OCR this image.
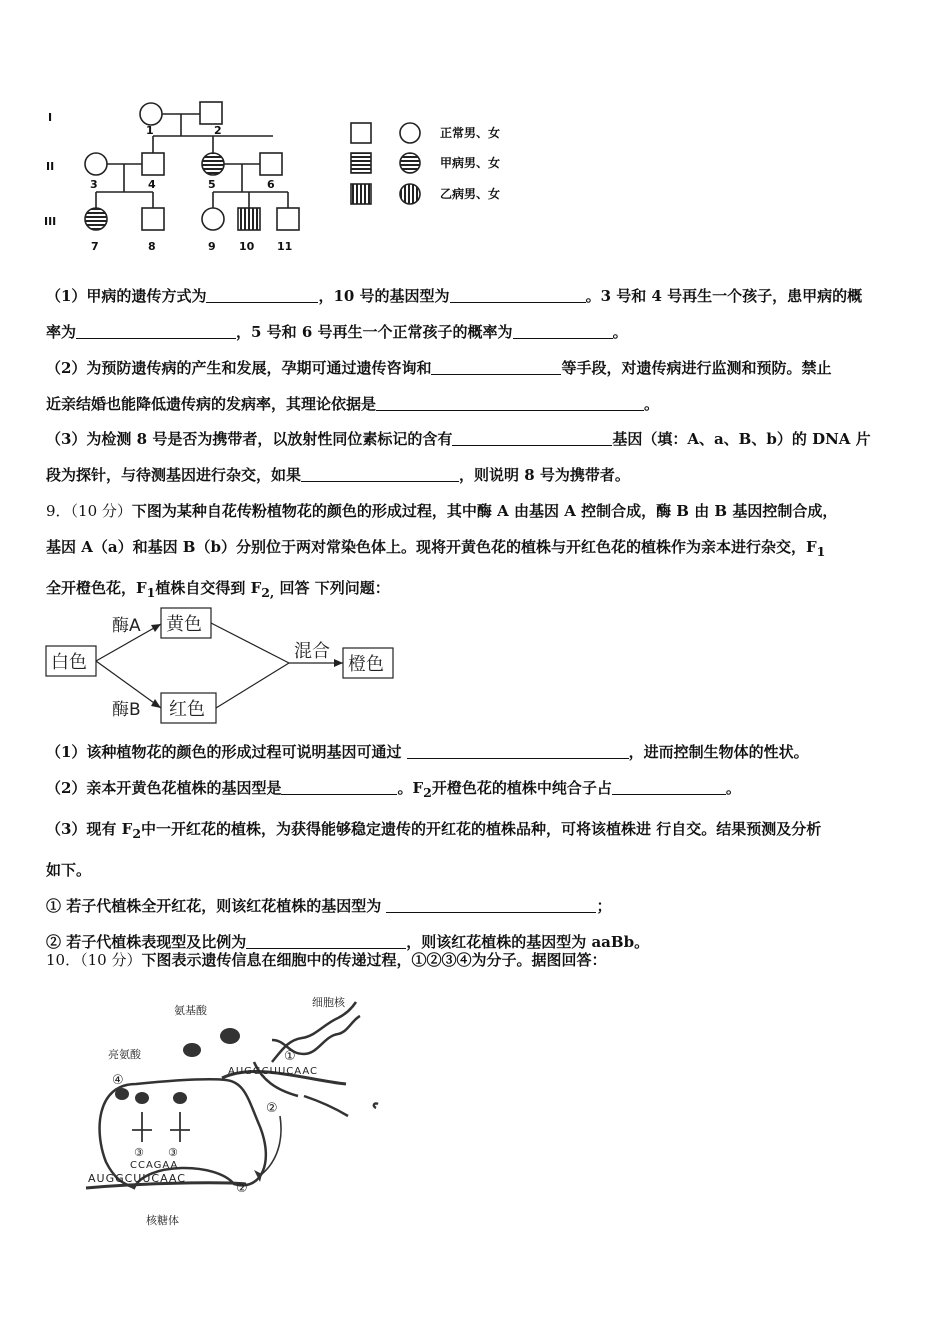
I
II
III
1	2
3	4	5	6
7	8	9 10 11
正常男、女
甲病男、女
乙病男、女
（1）甲病的遗传方式为	，10 号的基因型为	。3 号和 4 号再生一个孩子，患甲病的概
率为	，5 号和 6 号再生一个正常孩子的概率为	。
（2）为预防遗传病的产生和发展，孕期可通过遗传咨询和	等手段，对遗传病进行监测和预防。禁止
近亲结婚也能降低遗传病的发病率，其理论依据是	。
（3）为检测 8 号是否为携带者，以放射性同位素标记的含有	基因（填：A、a、B、b）的 DNA 片
段为探针，与待测基因进行杂交，如果	，则说明 8 号为携带者。
9．（10 分）下图为某种自花传粉植物花的颜色的形成过程，其中酶 A 由基因 A 控制合成，酶 B 由 B 基因控制合成，
基因 A（a）和基因 B（b）分别位于两对常染色体上。现将开黄色花的植株与开红色花的植株作为亲本进行杂交，$F_1$
全开橙色花，$F_1$植株自交得到 $F_{2,}$ 回答 下列问题：
白色
黄色
红色
橙色
酶A
酶B
混合
（1）该种植物花的颜色的形成过程可说明基因可通过	，进而控制生物体的性状。
（2）亲本开黄色花植株的基因型是	。$F_2$开橙色花的植株中纯合子占	。
（3）现有 $F_2$中一开红花的植株，为获得能够稳定遗传的开红花的植株品种，可将该植株进 行自交。结果预测及分析
如下。
① 若子代植株全开红花，则该红花植株的基因型为	；
② 若子代植株表现型及比例为	，则该红花植株的基因型为 aaBb。
10．（10 分）下图表示遗传信息在细胞中的传递过程，①②③④为分子。据图回答：
氨基酸
细胞核
亮氨酸
核糖体
AUGGCUUCAAC
AUGGCUUCAAC
CCAGAA
①
②
②
③ ③
④
